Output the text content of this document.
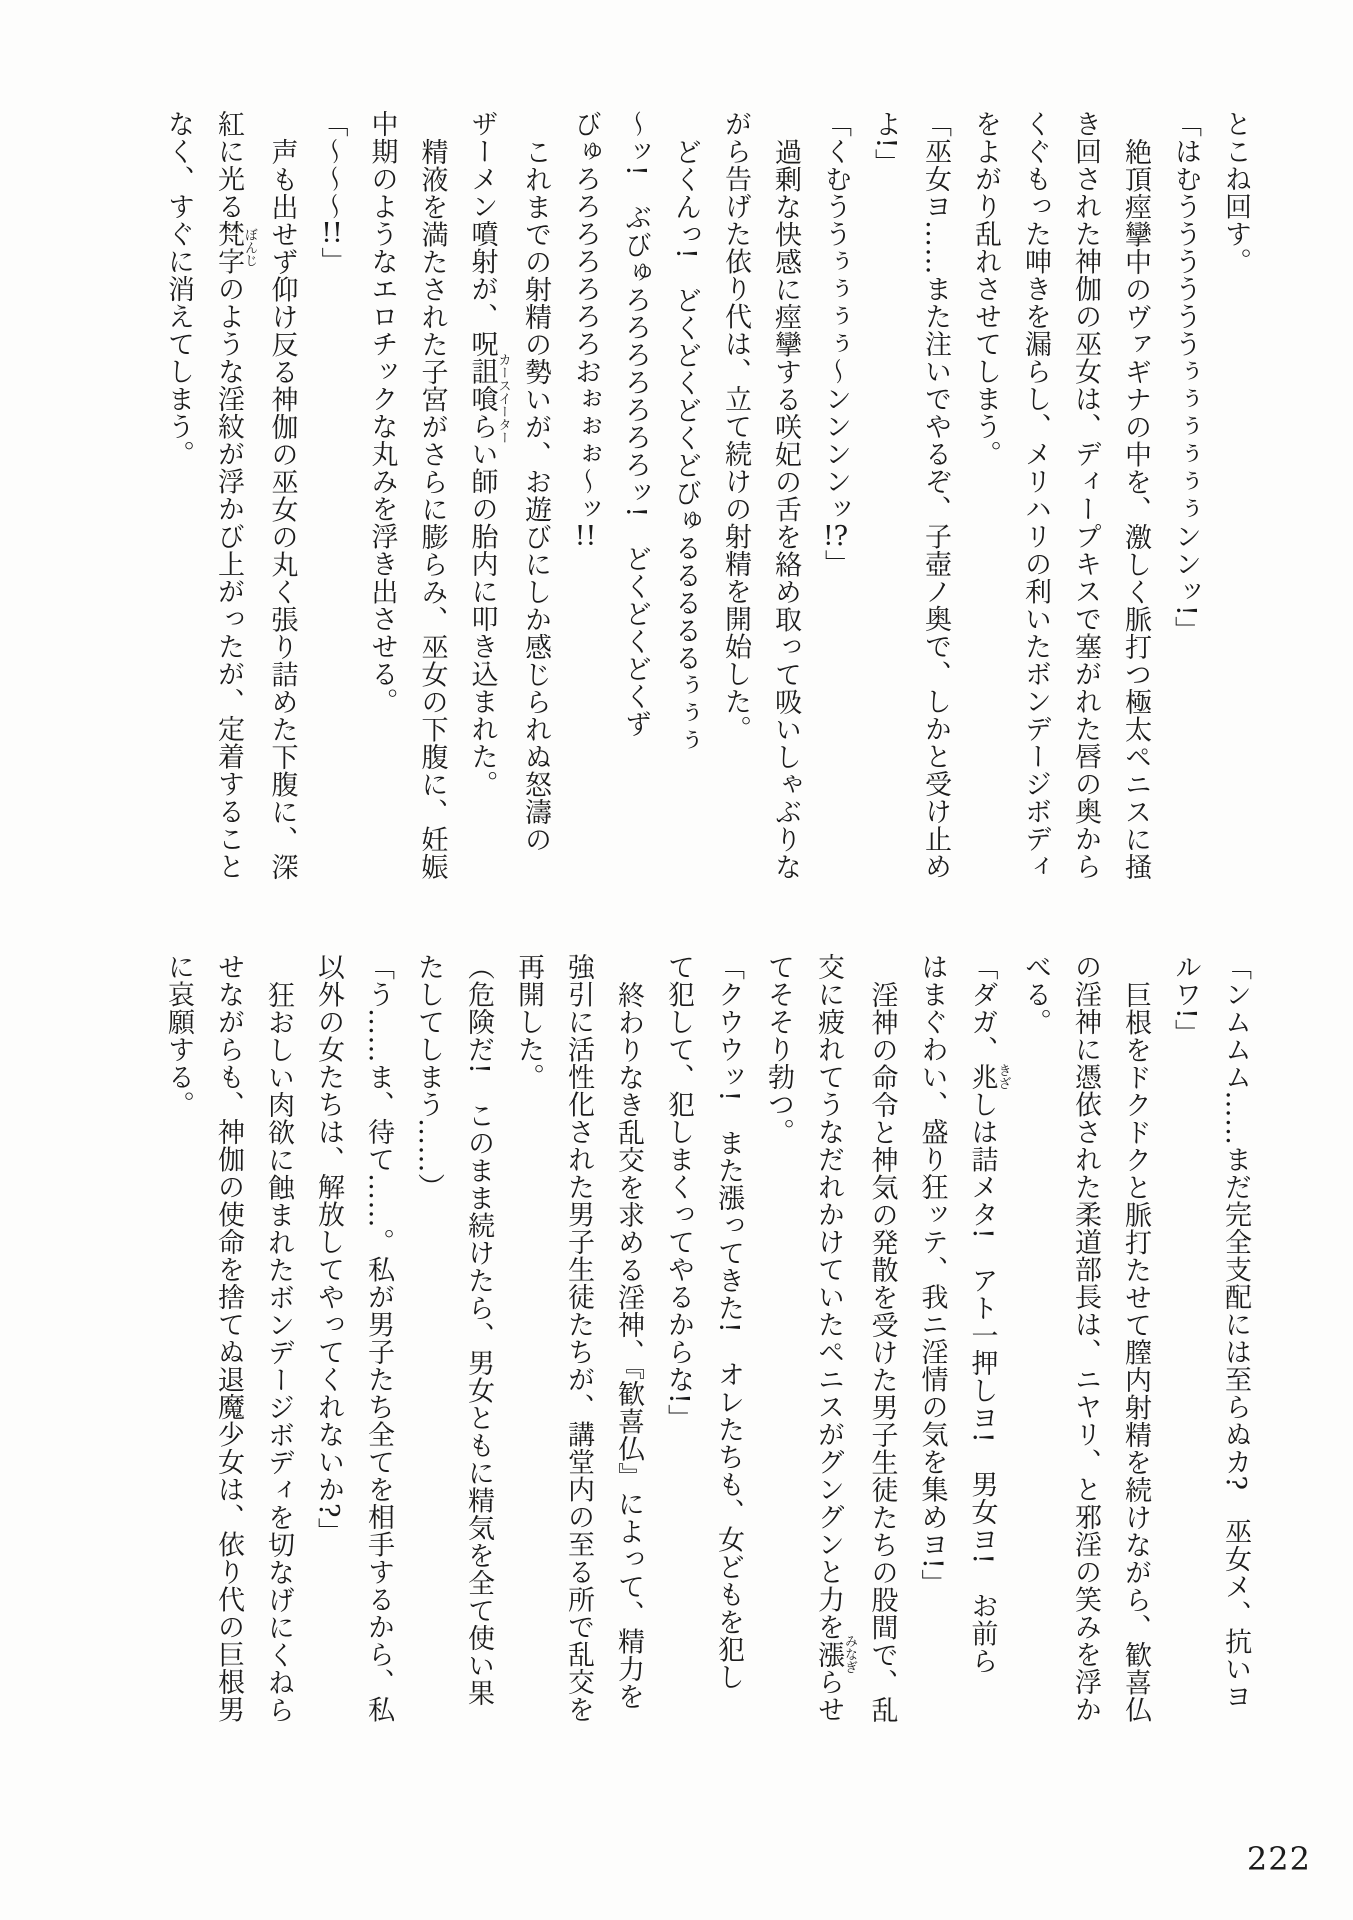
とこね回す。

「はむううううううぅぅぅぅぅぅンンッ!」

絶頂痙攣中のヴァギナの中を、激しく脈打つ極太ペニスに掻

き回された神伽の巫女は、ディープキスで塞がれた唇の奥から

くぐもった呻きを漏らし、メリハリの利いたボンデージボディ

をよがり乱れさせてしまう。

「巫女ヨ……また注いでやるぞ、子壺ノ奥で、しかと受け止め

よ!」

「くむううぅぅぅぅ〜ンンンンッ!?」

過剰な快感に痙攣する咲妃の舌を絡め取って吸いしゃぶりな

がら告げた依り代は、立て続けの射精を開始した。

どくんっ!　どくどくどくどびゅるるるるるぅぅぅ

〜ッ!　ぶびゅろろろろろろろッ!　どくどくどくず

びゅろろろろろろろおぉぉぉ〜ッ!!

これまでの射精の勢いが、お遊びにしか感じられぬ怒濤の

ザーメン噴射が、呪詛喰らいカースイーター師の胎内に叩き込まれた。

精液を満たされた子宮がさらに膨らみ、巫女の下腹に、妊娠

中期のようなエロチックな丸みを浮き出させる。

「〜〜〜!!」

声も出せず仰け反る神伽の巫女の丸く張り詰めた下腹に、深

紅に光る梵字ぼんじのような淫紋が浮かび上がったが、定着すること

なく、すぐに消えてしまう。

「ンムムム……まだ完全支配には至らぬカ?　巫女メ、抗いヨ

ルワ!」

巨根をドクドクと脈打たせて膣内射精を続けながら、歓喜仏

の淫神に憑依された柔道部長は、ニヤリ、と邪淫の笑みを浮か

べる。

「ダガ、兆きざしは詰メタ!　アト一押しヨ!　男女ヨ!　お前ら

はまぐわい、盛り狂ッテ、我ニ淫情の気を集めヨ!」

淫神の命令と神気の発散を受けた男子生徒たちの股間で、乱

交に疲れてうなだれかけていたペニスがグングンと力を漲みなぎらせ

てそそり勃つ。

「クウウッ!　また漲ってきた!　オレたちも、女どもを犯し

て犯して、犯しまくってやるからな!」

終わりなき乱交を求める淫神、『歓喜仏』によって、精力を

強引に活性化された男子生徒たちが、講堂内の至る所で乱交を

再開した。

（危険だ!　このまま続けたら、男女ともに精気を全て使い果

たしてしまう……）

「う……ま、待て……。私が男子たち全てを相手するから、私

以外の女たちは、解放してやってくれないか?」

狂おしい肉欲に蝕まれたボンデージボディを切なげにくねら

せながらも、神伽の使命を捨てぬ退魔少女は、依り代の巨根男

に哀願する。

222
